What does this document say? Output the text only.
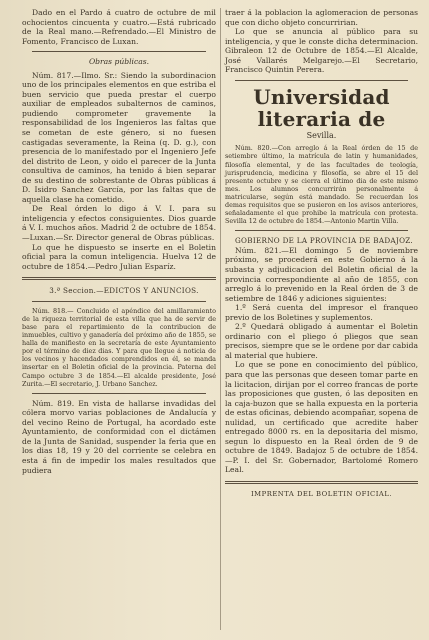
Dado en el Pardo á cuatro de octubre de mil ochocientos cincuenta y cuatro.—Está rubricado de la Real mano.—Refrendado.—El Ministro de Fomento, Francisco de Luxan.

Obras públicas.

Núm. 817.—Ilmo. Sr.: Siendo la subordinacion uno de los principales elementos en que estriba el buen servicio que pueda prestar el cuerpo auxiliar de empleados subalternos de caminos, pudiendo comprometer gravemente la responsabilidad de los Ingenieros las faltas que se cometan de este género, si no fuesen castigadas severamente, la Reina (q. D. g.), con presencia de lo manifestado por el Ingeniero Jefe del distrito de Leon, y oido el parecer de la Junta consultiva de caminos, ha tenido á bien separar de su destino de sobrestante de Obras públicas á D. Isidro Sanchez García, por las faltas que de aquella clase ha cometido.

De Real órden lo digo á V. I. para su inteligencia y efectos consiguientes. Dios guarde á V. I. muchos años. Madrid 2 de octubre de 1854.—Luxan.—Sr. Director general de Obras públicas.

Lo que he dispuesto se inserte en el Boletin oficial para la comun inteligencia. Huelva 12 de octubre de 1854.—Pedro Julian Esparíz.

3.ª Seccion.—EDICTOS Y ANUNCIOS.

Núm. 818.— Concluido el apéndice del amillaramiento de la riqueza territorial de esta villa que ha de servir de base para el repartimiento de la contribucion de inmuebles, cultivo y ganadería del próximo año de 1855, se halla de manifiesto en la secretaría de este Ayuntamiento por el término de diez dias. Y para que llegue á noticia de los vecinos y hacendados comprendidos en él, se manda insertar en el Boletin oficial de la provincia. Paterna del Campo octubre 3 de 1854.—El alcalde presidente, José Zurita.—El secretario, J. Urbano Sanchez.

Núm. 819. En vista de hallarse invadidas del cólera morvo varias poblaciones de Andalucía y del vecino Reino de Portugal, ha acordado este Ayuntamiento, de conformidad con el dictámen de la Junta de Sanidad, suspender la feria que en los dias 18, 19 y 20 del corriente se celebra en esta á fin de impedir los males resultados que pudiera

traer á la poblacion la aglomeracion de personas que con dicho objeto concurririan.

Lo que se anuncia al público para su inteligencia, y que le conste dicha determinacion. Gibraleon 12 de Octubre de 1854.—El Alcalde, José Vallarés Melgarejo.—El Secretario, Francisco Quintin Perera.

Universidad literaria de
Sevilla.

Núm. 820.—Con arreglo á la Real órden de 15 de setiembre último, la matrícula de latin y humanidades, filosofía elemental, y de las facultades de teología, jurisprudencia, medicina y filosofía, se abre el 15 del presente octubre y se cierra el último dia de este mismo mes. Los alumnos concurrirán personalmente á matricularse, según está mandado. Se recuerdan los demas requisitos que se pusieron en los avisos anteriores, señaladamente el que prohibe la matrícula con protesta. Sevilla 12 de octubre de 1854.—Antonio Martin Villa.

GOBIERNO DE LA PROVINCIA DE BADAJOZ.

Núm. 821.—El domingo 5 de noviembre próximo, se procederá en este Gobierno á la subasta y adjudicacion del Boletin oficial de la provincia correspondiente al año de 1855, con arreglo á lo prevenido en la Real órden de 3 de setiembre de 1846 y adiciones siguientes:

1.º Será cuenta del impresor el franqueo previo de los Boletines y suplementos.

2.º Quedará obligado á aumentar el Boletin ordinario con el pliego ó pliegos que sean precisos, siempre que se le ordene por dar cabida al material que hubiere.

Lo que se pone en conocimiento del público, para que las personas que deseen tomar parte en la licitacion, dirijan por el correo francas de porte las proposiciones que gusten, ó las depositen en la caja-buzon que se halla expuesta en la porteria de estas oficinas, debiendo acompañar, sopena de nulidad, un certificado que acredite haber entregado 8000 rs. en la depositaria del mismo, segun lo dispuesto en la Real órden de 9 de octubre de 1849. Badajoz 5 de octubre de 1854.—P. I. del Sr. Gobernador, Bartolomé Romero Leal.

IMPRENTA DEL BOLETIN OFICIAL.
